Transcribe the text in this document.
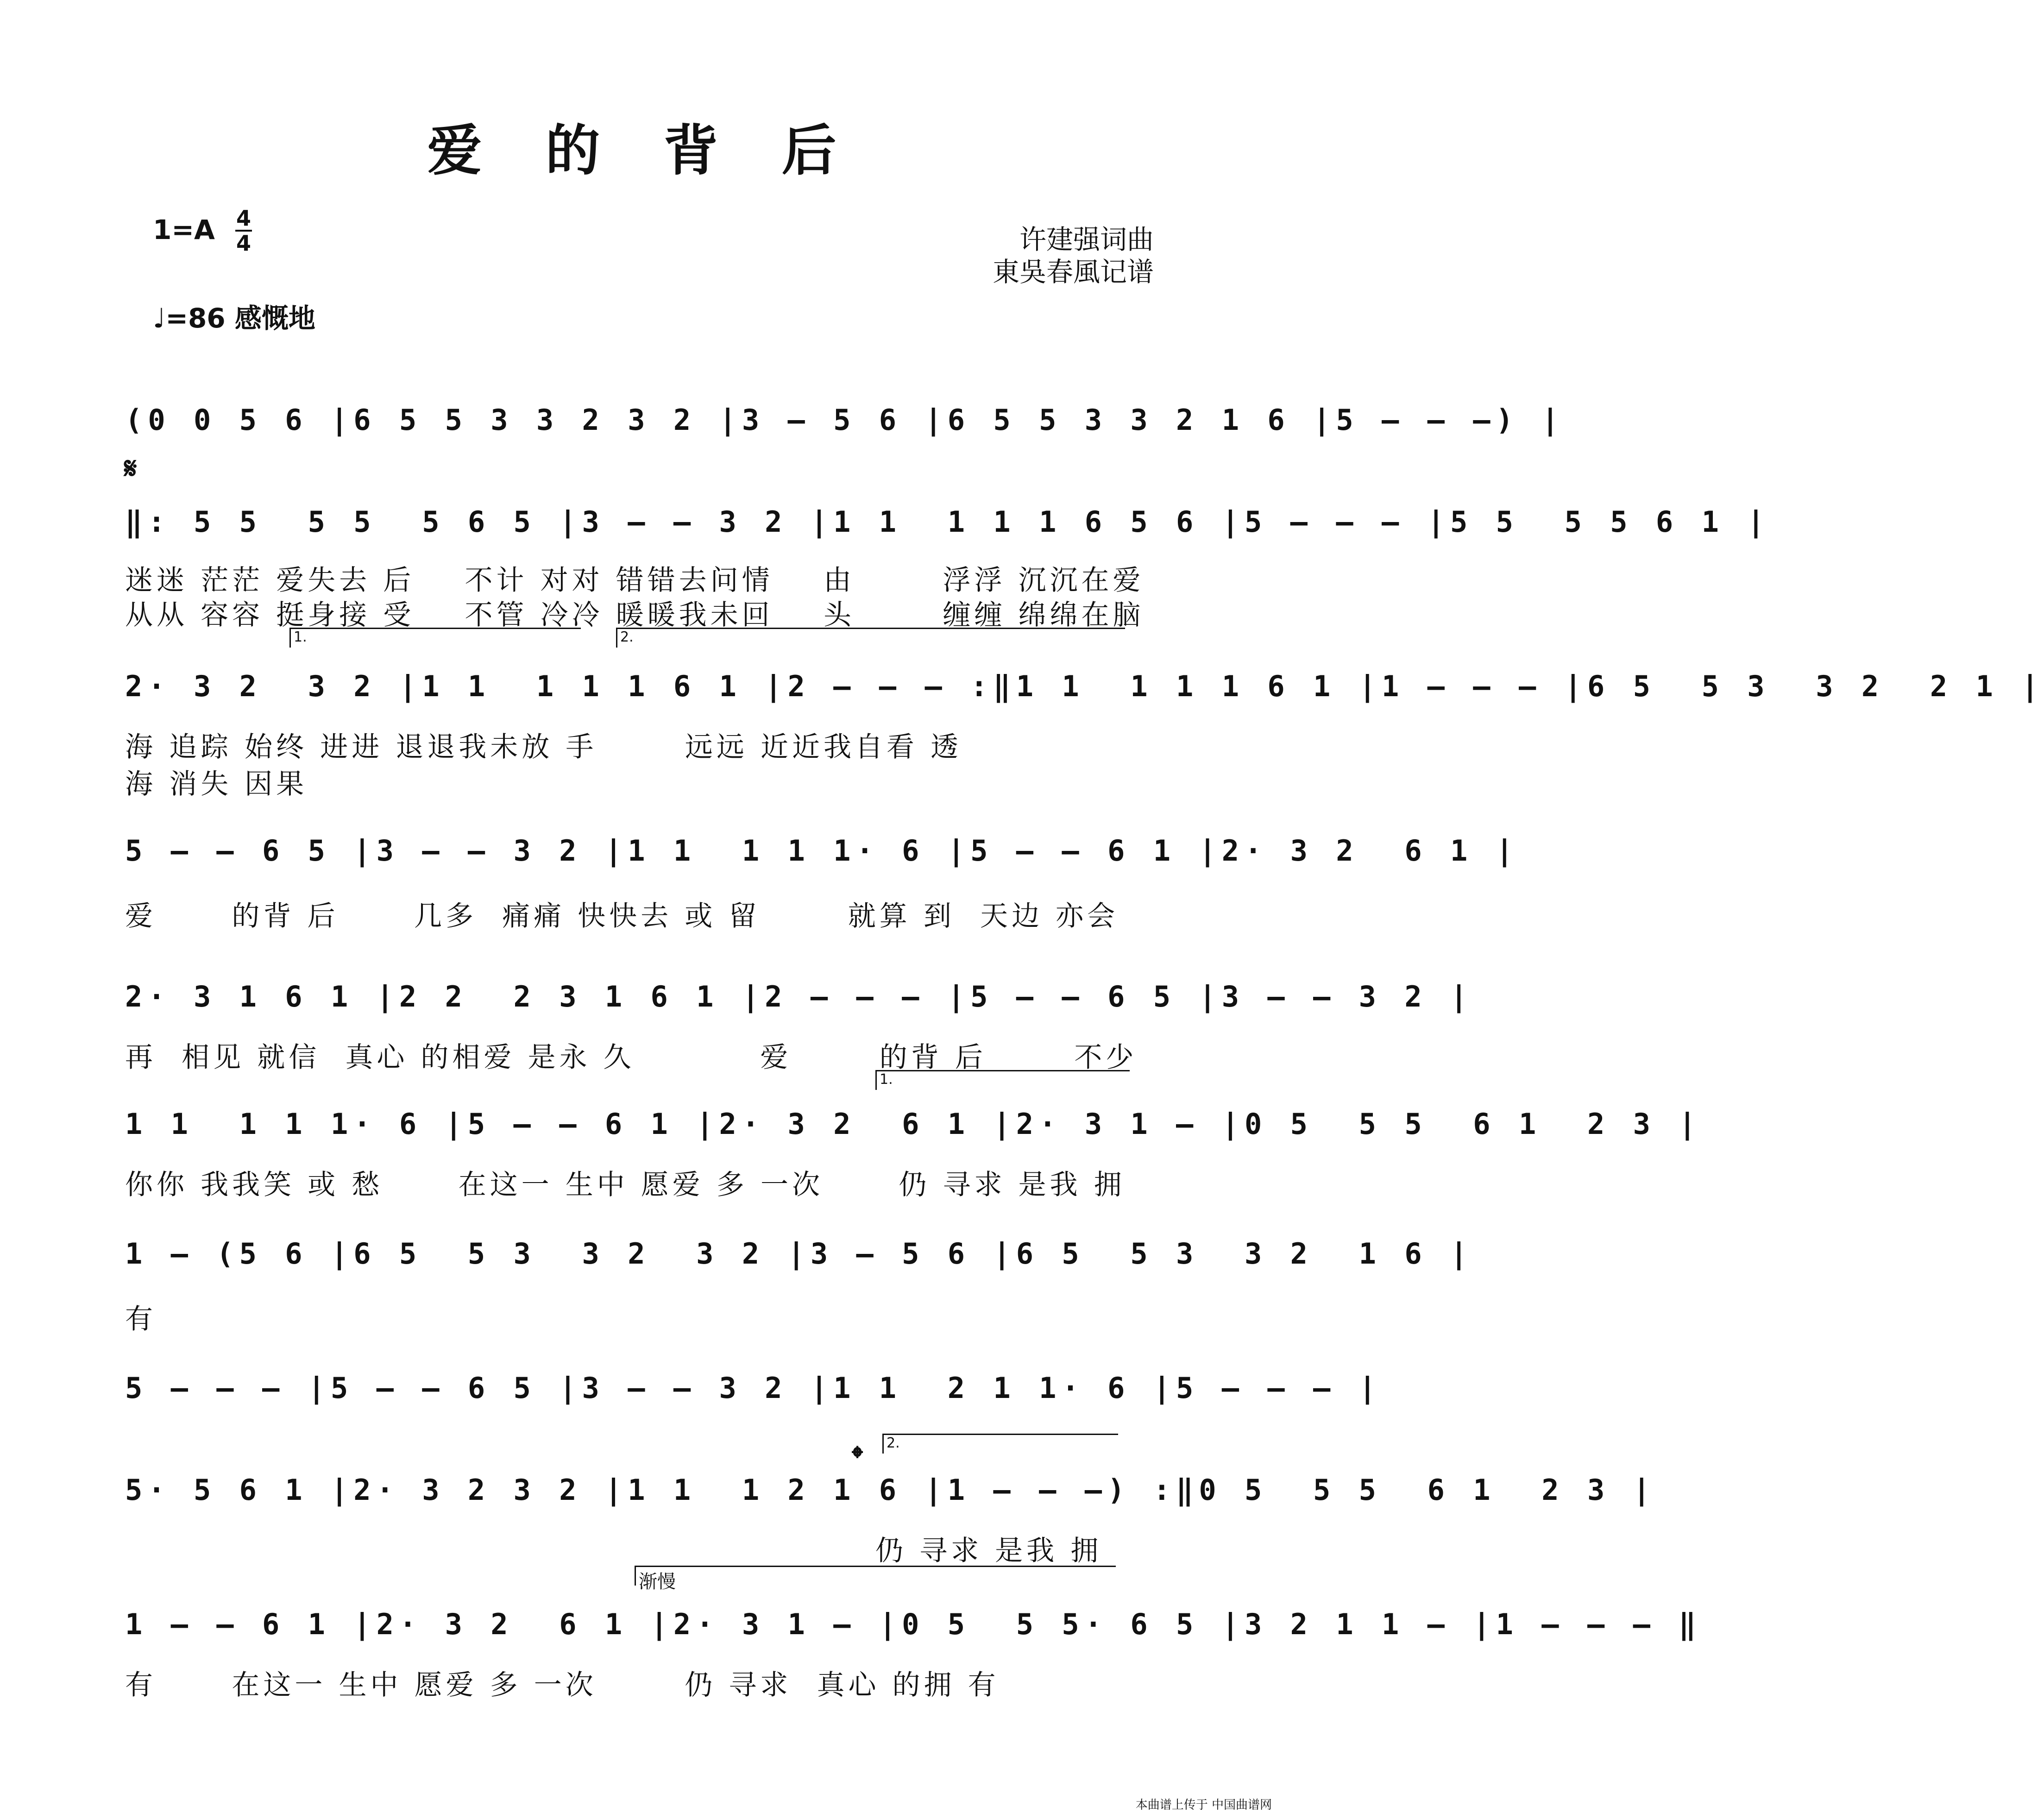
爱 的 背 后
1=A 4
4
♩=86 感慨地
许建强词曲
東吳春風记谱
𝄋
(0 0 5 6 |6 5 5 3 3 2 3 2 |3 – 5 6 |6 5 5 3 3 2 1 6 |5 – – –) |
‖: 5 5  5 5  5 6 5 |3 – – 3 2 |1 1  1 1 1 6 5 6 |5 – – – |5 5  5 5 6 1 |
迷迷 茫茫 爱失去 后    不计 对对 错错去问情    由       浮浮 沉沉在爱
从从 容容 挺身接 受    不管 冷冷 暖暖我未回    头       缠缠 绵绵在脑
1.	2.
2· 3 2  3 2 |1 1  1 1 1 6 1 |2 – – – :‖1 1  1 1 1 6 1 |1 – – – |6 5  5 3  3 2  2 1 |
海 追踪 始终 进进 退退我未放 手       远远 近近我自看 透
海 消失 因果
5 – – 6 5 |3 – – 3 2 |1 1  1 1 1· 6 |5 – – 6 1 |2· 3 2  6 1 |
爱      的背 后      几多  痛痛 快快去 或 留       就算 到  天边 亦会
2· 3 1 6 1 |2 2  2 3 1 6 1 |2 – – – |5 – – 6 5 |3 – – 3 2 |
再  相见 就信  真心 的相爱 是永 久          爱       的背 后       不少
1.
1 1  1 1 1· 6 |5 – – 6 1 |2· 3 2  6 1 |2· 3 1 – |0 5  5 5  6 1  2 3 |
你你 我我笑 或 愁      在这一 生中 愿爱 多 一次      仍 寻求 是我 拥
1 – (5 6 |6 5  5 3  3 2  3 2 |3 – 5 6 |6 5  5 3  3 2  1 6 |
有
5 – – – |5 – – 6 5 |3 – – 3 2 |1 1  2 1 1· 6 |5 – – – |
2.
𝄌
5· 5 6 1 |2· 3 2 3 2 |1 1  1 2 1 6 |1 – – –) :‖0 5  5 5  6 1  2 3 |
仍 寻求 是我 拥
渐慢
1 – – 6 1 |2· 3 2  6 1 |2· 3 1 – |0 5  5 5· 6 5 |3 2 1 1 – |1 – – – ‖
有      在这一 生中 愿爱 多 一次       仍 寻求  真心 的拥 有
本曲谱上传于 中国曲谱网
